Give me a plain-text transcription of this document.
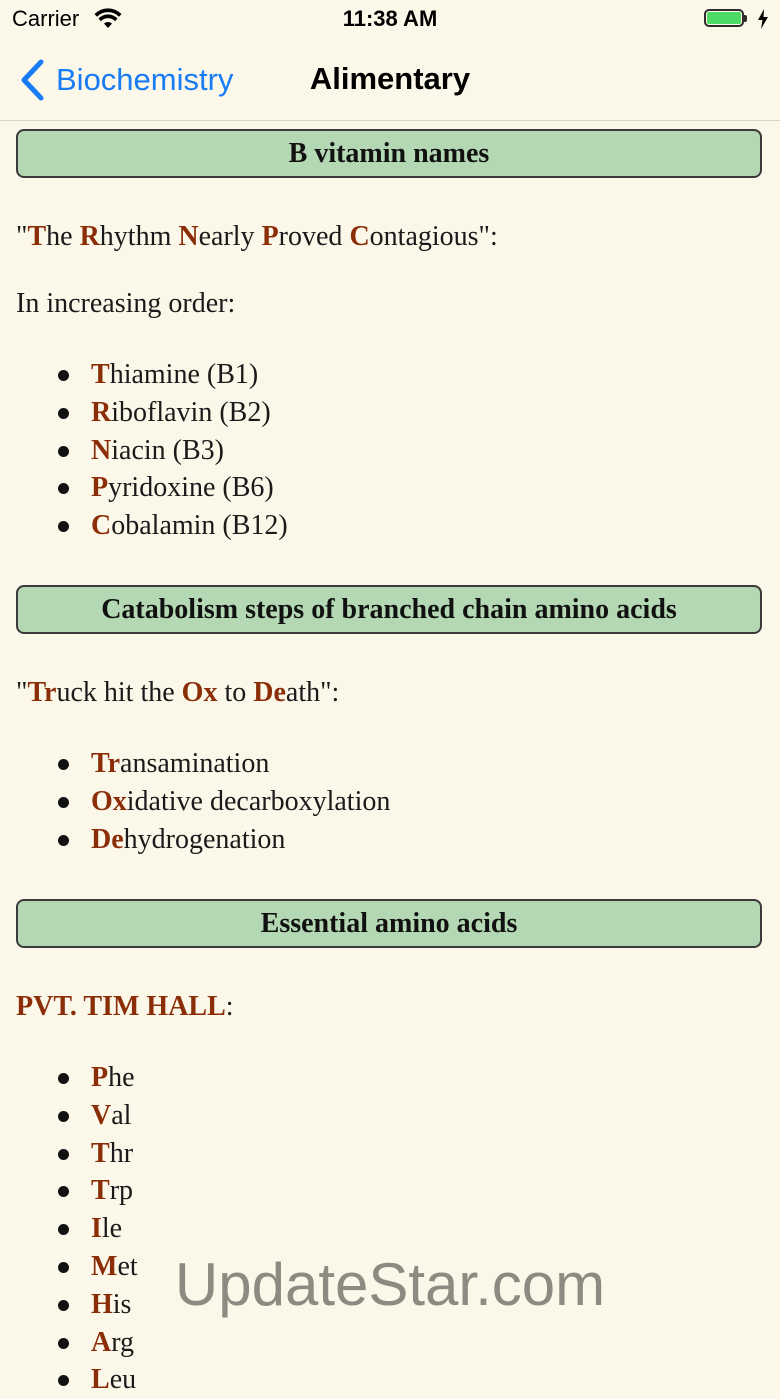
Carrier	11:38 AM
Biochemistry	Alimentary
B vitamin names
"The Rhythm Nearly Proved Contagious":
In increasing order:
Thiamine (B1)
Riboflavin (B2)
Niacin (B3)
Pyridoxine (B6)
Cobalamin (B12)
Catabolism steps of branched chain amino acids
"Truck hit the Ox to Death":
Transamination
Oxidative decarboxylation
Dehydrogenation
Essential amino acids
PVT. TIM HALL:
Phe
Val
Thr
Trp
Ile
Met
His
Arg
Leu
UpdateStar.com
